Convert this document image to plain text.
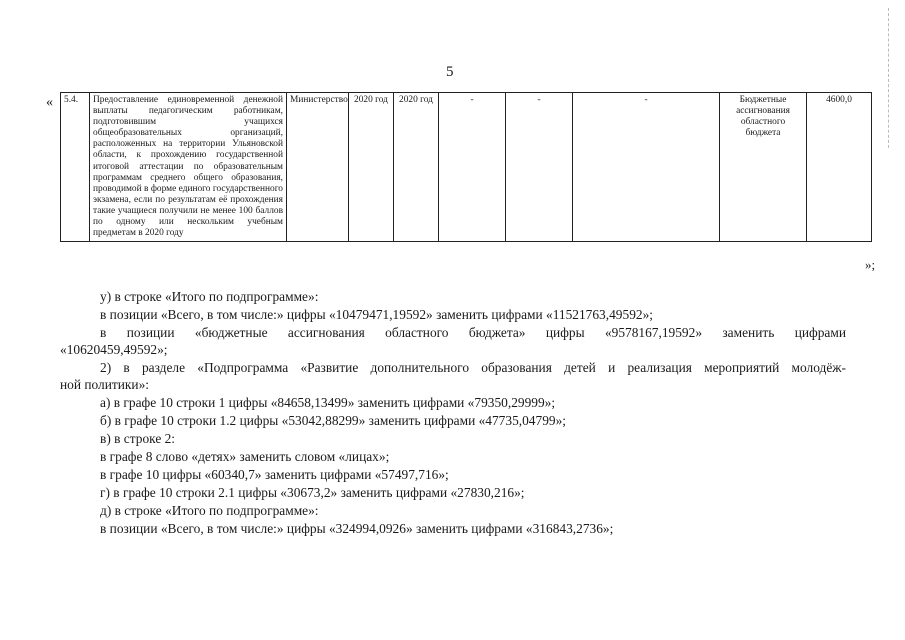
5
« 5.4.	Предоставление единовременной денежной выплаты педагогическим работникам, подготовившим учащихся общеобразовательных организаций, расположенных на территории Ульяновской области, к прохождению государственной итоговой аттестации по образовательным программам среднего общего образования, проводимой в форме единого государственного экзамена, если по результатам её прохождения такие учащиеся получили не менее 100 баллов по одному или нескольким учебным предметам в 2020 году	Министерство	2020 год	2020 год	-	-	-	Бюджетные ассигнования областного бюджета	4600,0
»;
у) в строке «Итого по подпрограмме»:
в позиции «Всего, в том числе:» цифры «10479471,19592» заменить цифрами «11521763,49592»;
в позиции «бюджетные ассигнования областного бюджета» цифры «9578167,19592» заменить цифрами
«10620459,49592»;
2) в разделе «Подпрограмма «Развитие дополнительного образования детей и реализация мероприятий молодёж-
ной политики»:
а) в графе 10 строки 1 цифры «84658,13499» заменить цифрами «79350,29999»;
б) в графе 10 строки 1.2 цифры «53042,88299» заменить цифрами «47735,04799»;
в) в строке 2:
в графе 8 слово «детях» заменить словом «лицах»;
в графе 10 цифры «60340,7» заменить цифрами «57497,716»;
г) в графе 10 строки 2.1 цифры «30673,2» заменить цифрами «27830,216»;
д) в строке «Итого по подпрограмме»:
в позиции «Всего, в том числе:» цифры «324994,0926» заменить цифрами «316843,2736»;
